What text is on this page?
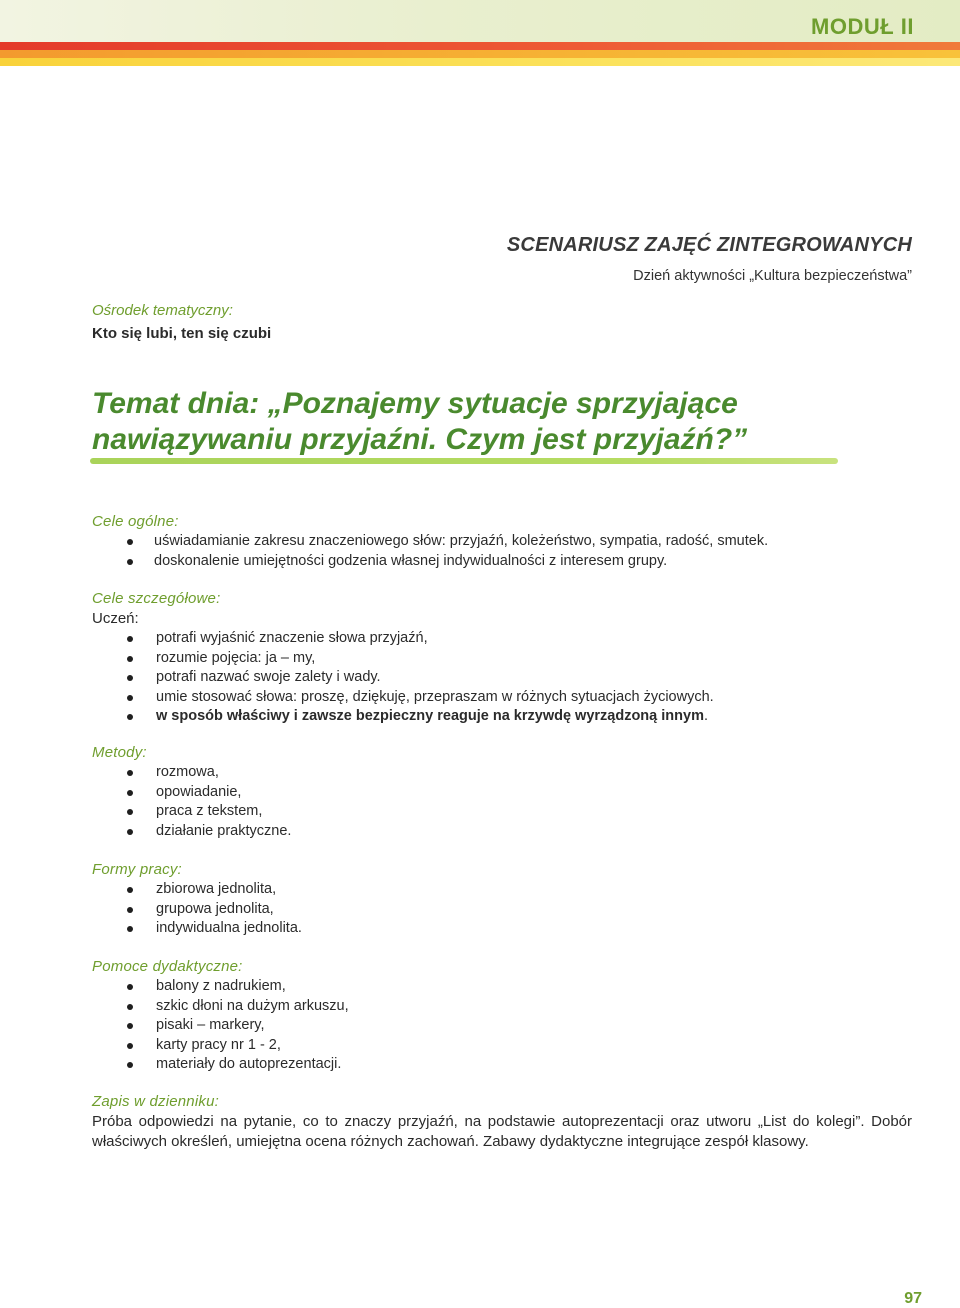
MODUŁ II
SCENARIUSZ ZAJĘĆ ZINTEGROWANYCH
Dzień aktywności „Kultura bezpieczeństwa”
Ośrodek tematyczny:
Kto się lubi, ten się czubi
Temat dnia: „Poznajemy sytuacje sprzyjające
nawiązywaniu przyjaźni. Czym jest przyjaźń?”
Cele ogólne:
uświadamianie zakresu znaczeniowego słów: przyjaźń, koleżeństwo, sympatia, radość, smutek.
doskonalenie umiejętności godzenia własnej indywidualności z interesem grupy.
Cele szczegółowe:
Uczeń:
potrafi wyjaśnić znaczenie słowa przyjaźń,
rozumie pojęcia: ja – my,
potrafi nazwać swoje zalety i wady.
umie stosować słowa: proszę, dziękuję, przepraszam w różnych sytuacjach życiowych.
w sposób właściwy i zawsze bezpieczny reaguje na krzywdę wyrządzoną innym.
Metody:
rozmowa,
opowiadanie,
praca z tekstem,
działanie praktyczne.
Formy pracy:
zbiorowa jednolita,
grupowa jednolita,
indywidualna jednolita.
Pomoce dydaktyczne:
balony z nadrukiem,
szkic dłoni na dużym arkuszu,
pisaki – markery,
karty pracy nr 1 - 2,
materiały do autoprezentacji.
Zapis w dzienniku:
Próba odpowiedzi na pytanie, co to znaczy przyjaźń, na podstawie autoprezentacji oraz utworu „List do kolegi”. Dobór właściwych określeń, umiejętna ocena różnych zachowań. Zabawy dydaktyczne integrujące zespół klasowy.
97
